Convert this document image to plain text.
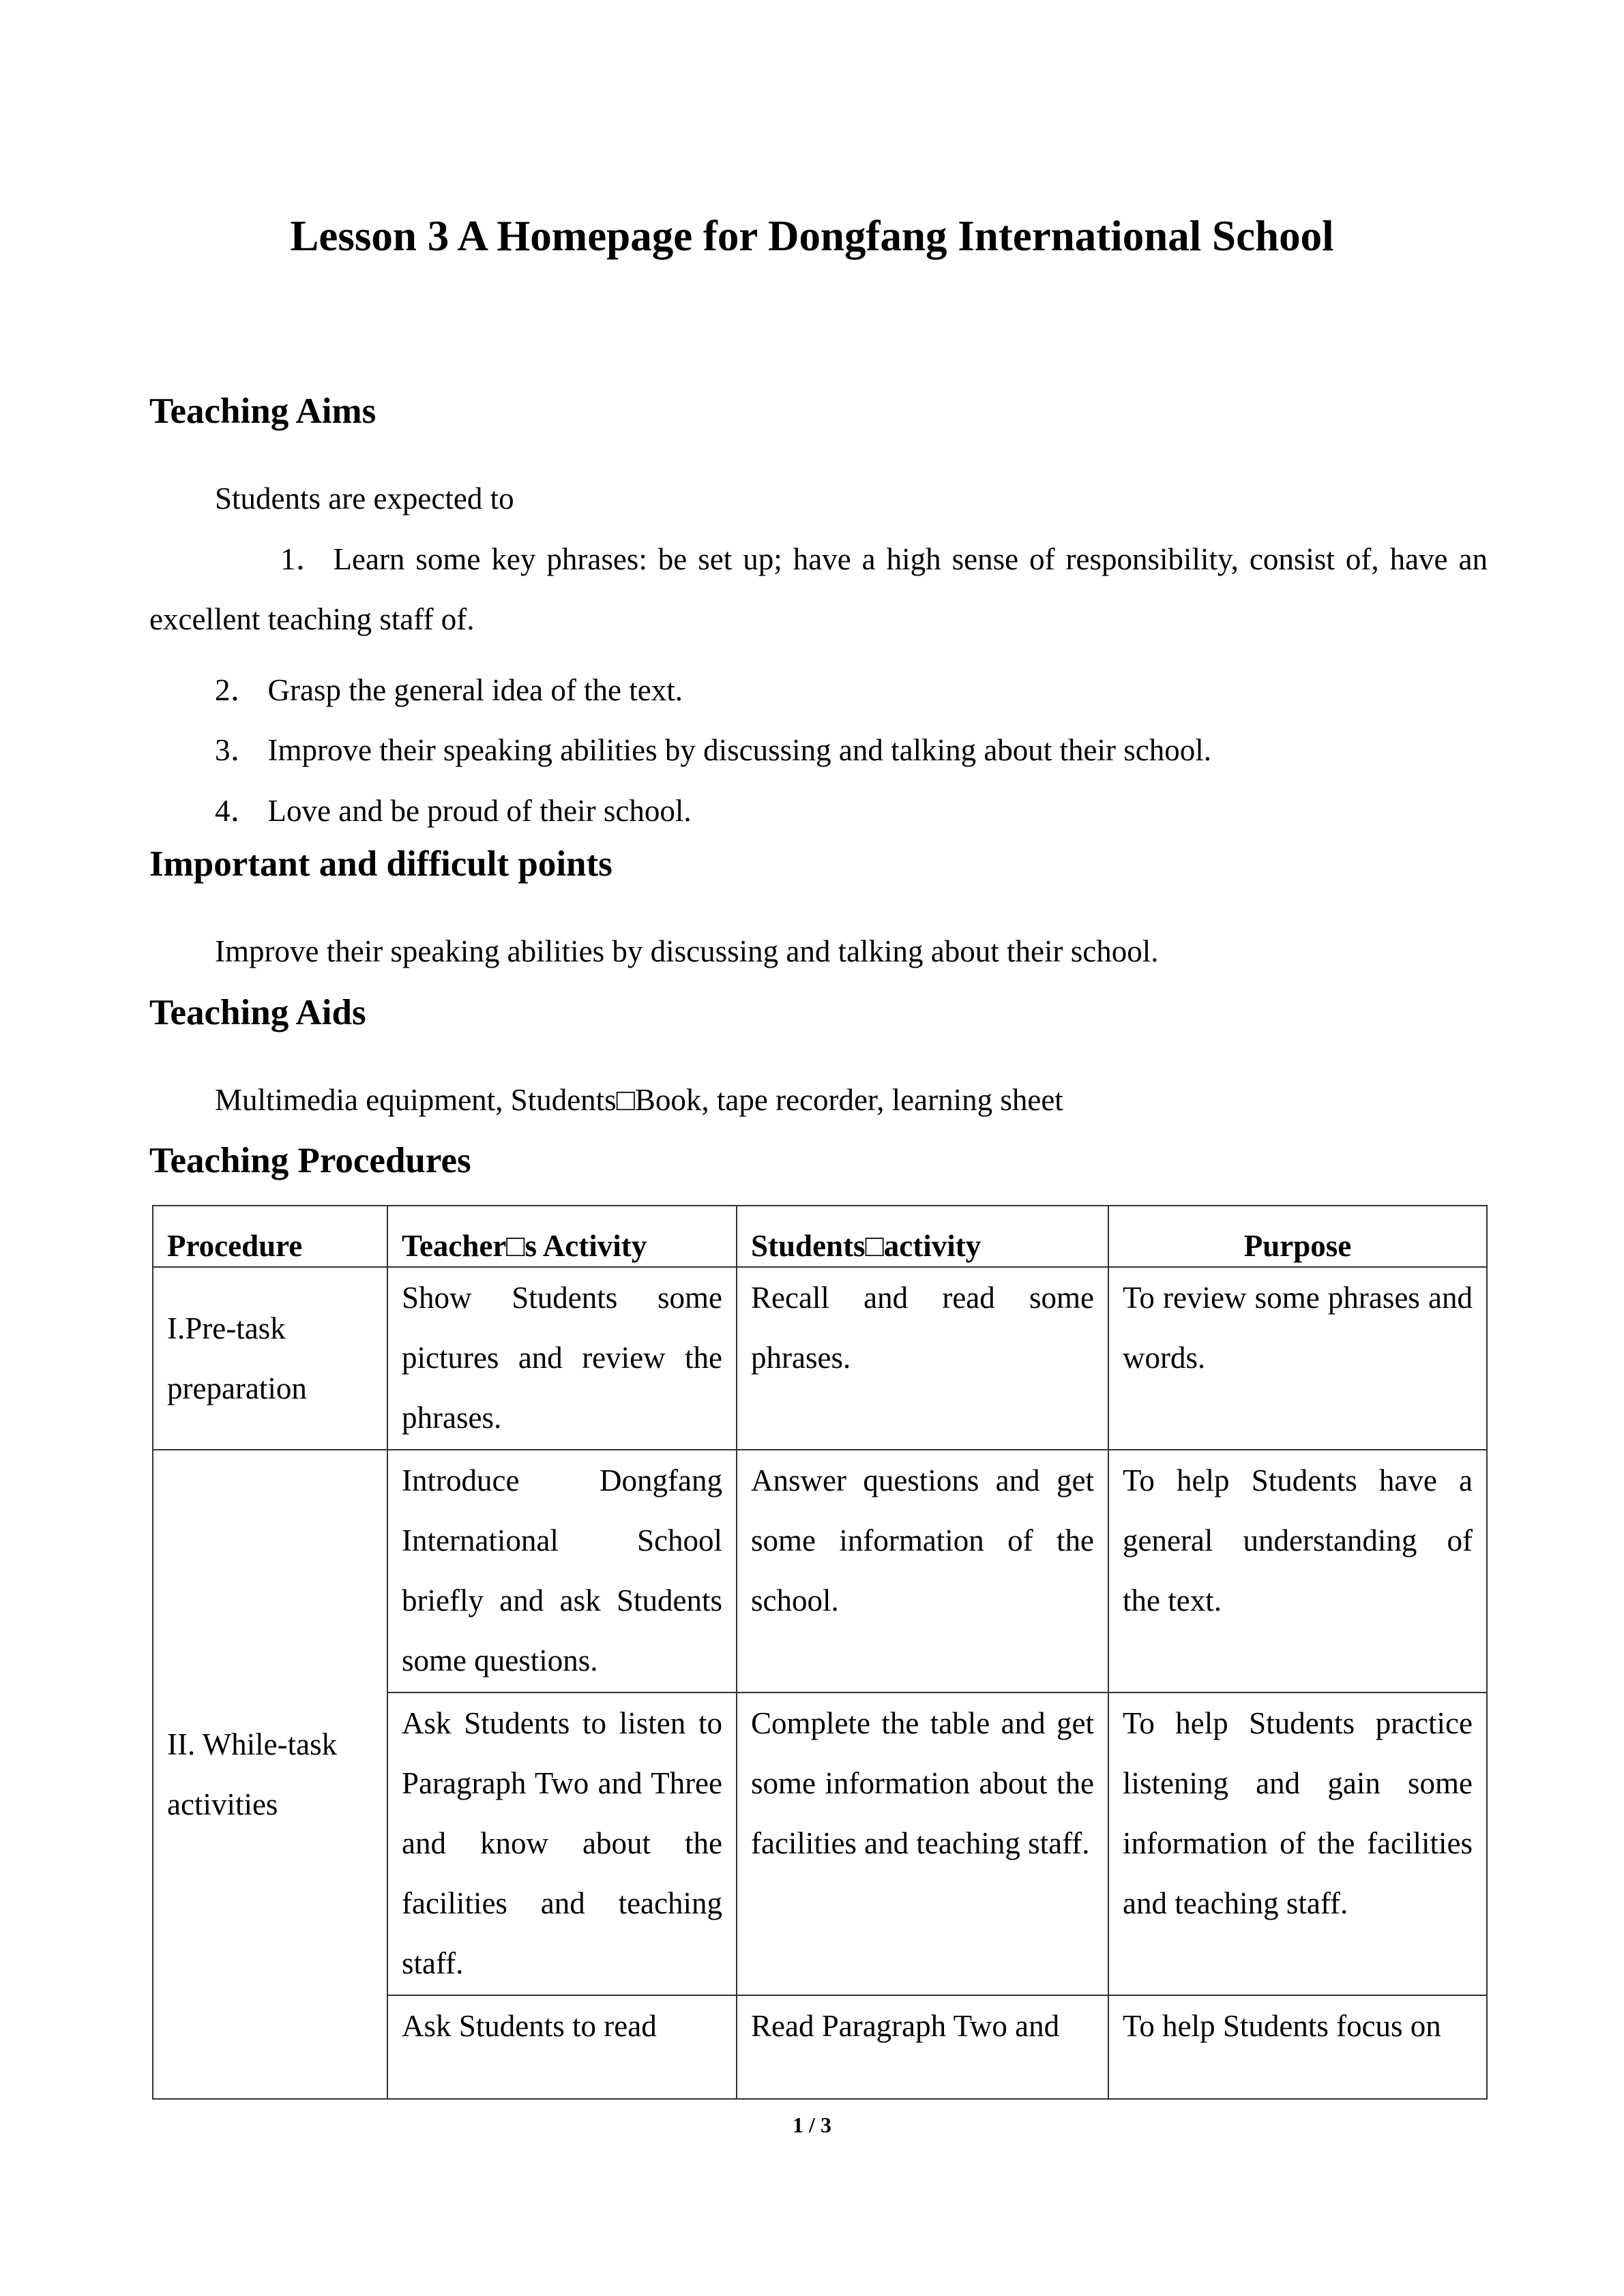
Lesson 3 A Homepage for Dongfang International School
Teaching Aims
Students are expected to
1． Learn some key phrases: be set up; have a high sense of responsibility, consist of, have an excellent teaching staff of.
2． Grasp the general idea of the text.
3． Improve their speaking abilities by discussing and talking about their school.
4． Love and be proud of their school.
Important and difficult points
Improve their speaking abilities by discussing and talking about their school.
Teaching Aids
Multimedia equipment, Students□Book, tape recorder, learning sheet
Teaching Procedures
Procedure	Teacher□s Activity	Students□activity	Purpose
I.Pre-task preparation	Show Students some pictures and review the phrases.	Recall and read some phrases.	To review some phrases and words.
II. While-task activities	Introduce Dongfang International School briefly and ask Students some questions.	Answer questions and get some information of the school.	To help Students have a general understanding of the text.
	Ask Students to listen to Paragraph Two and Three and know about the facilities and teaching staff.	Complete the table and get some information about the facilities and teaching staff.	To help Students practice listening and gain some information of the facilities and teaching staff.
	Ask Students to read	Read Paragraph Two and	To help Students focus on
1 / 3
